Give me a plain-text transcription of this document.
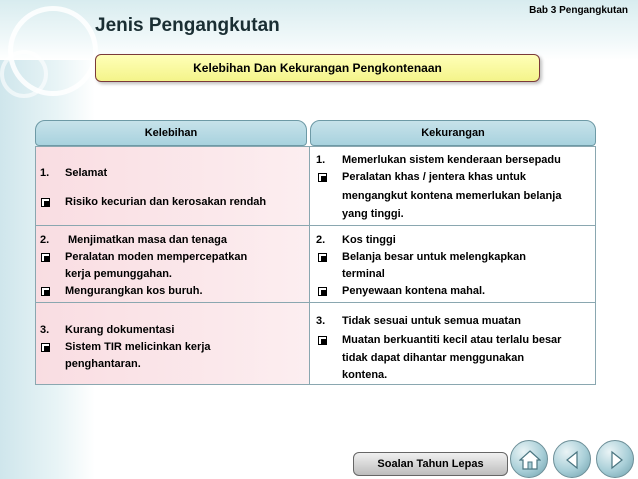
Bab 3 Pengangkutan
Jenis Pengangkutan
Kelebihan Dan Kekurangan Pengkontenaan
Kelebihan	Kekurangan
1. Selamat
Risiko kecurian dan kerosakan rendah
1. Memerlukan sistem kenderaan bersepadu
Peralatan khas / jentera khas untuk
mengangkut kontena memerlukan belanja
yang tinggi.
2. Menjimatkan masa dan tenaga
Peralatan moden mempercepatkan
kerja pemunggahan.
Mengurangkan kos buruh.
2. Kos tinggi
Belanja besar untuk melengkapkan
terminal
Penyewaan kontena mahal.
3. Kurang dokumentasi
Sistem TIR melicinkan kerja
penghantaran.
3. Tidak sesuai untuk semua muatan
Muatan berkuantiti kecil atau terlalu besar
tidak dapat dihantar menggunakan
kontena.
Soalan Tahun Lepas
